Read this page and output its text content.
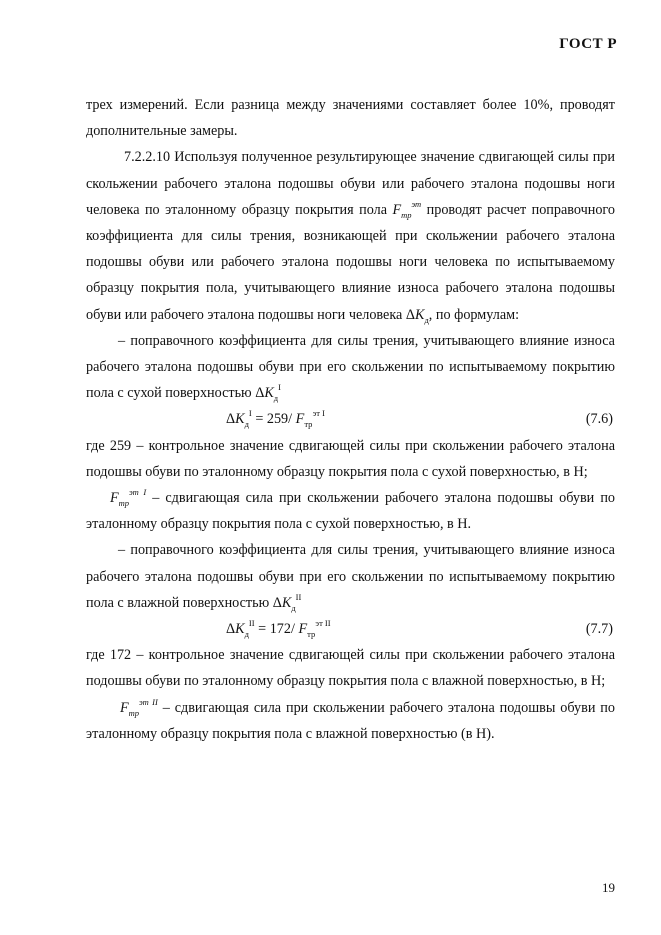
ГОСТ Р

трех измерений. Если разница между значениями составляет более 10%, проводят дополнительные замеры.

7.2.2.10 Используя полученное результирующее значение сдвигающей силы при скольжении рабочего эталона подошвы обуви или рабочего эталона подошвы ноги человека по эталонному образцу покрытия пола $F_{тр}^{эт}$ проводят расчет поправочного коэффициента для силы трения, возникающей при скольжении рабочего эталона подошвы обуви или рабочего эталона подошвы ноги человека по испытываемому образцу покрытия пола, учитывающего влияние износа рабочего эталона подошвы обуви или рабочего эталона подошвы ноги человека $\Delta K_д$, по формулам:

– поправочного коэффициента для силы трения, учитывающего влияние износа рабочего эталона подошвы обуви при его скольжении по испытываемому покрытию пола с сухой поверхностью $\Delta K_д^I$

$\Delta K_д^I = 259/$ $F_{тр}^{эт I}$	(7.6)

где 259 – контрольное значение сдвигающей силы при скольжении рабочего эталона подошвы обуви по эталонному образцу покрытия пола с сухой поверхностью, в Н;

$F_{тр}^{эт I}$ – сдвигающая сила при скольжении рабочего эталона подошвы обуви по эталонному образцу покрытия пола с сухой поверхностью, в Н.

– поправочного коэффициента для силы трения, учитывающего влияние износа рабочего эталона подошвы обуви при его скольжении по испытываемому покрытию пола с влажной поверхностью $\Delta K_д^{II}$

$\Delta K_д^{II} = 172/$ $F_{тр}^{эт II}$	(7.7)

где 172 – контрольное значение сдвигающей силы при скольжении рабочего эталона подошвы обуви по эталонному образцу покрытия пола с влажной поверхностью, в Н;

$F_{тр}^{эт II}$ – сдвигающая сила при скольжении рабочего эталона подошвы обуви по эталонному образцу покрытия пола с влажной поверхностью (в Н).

19
